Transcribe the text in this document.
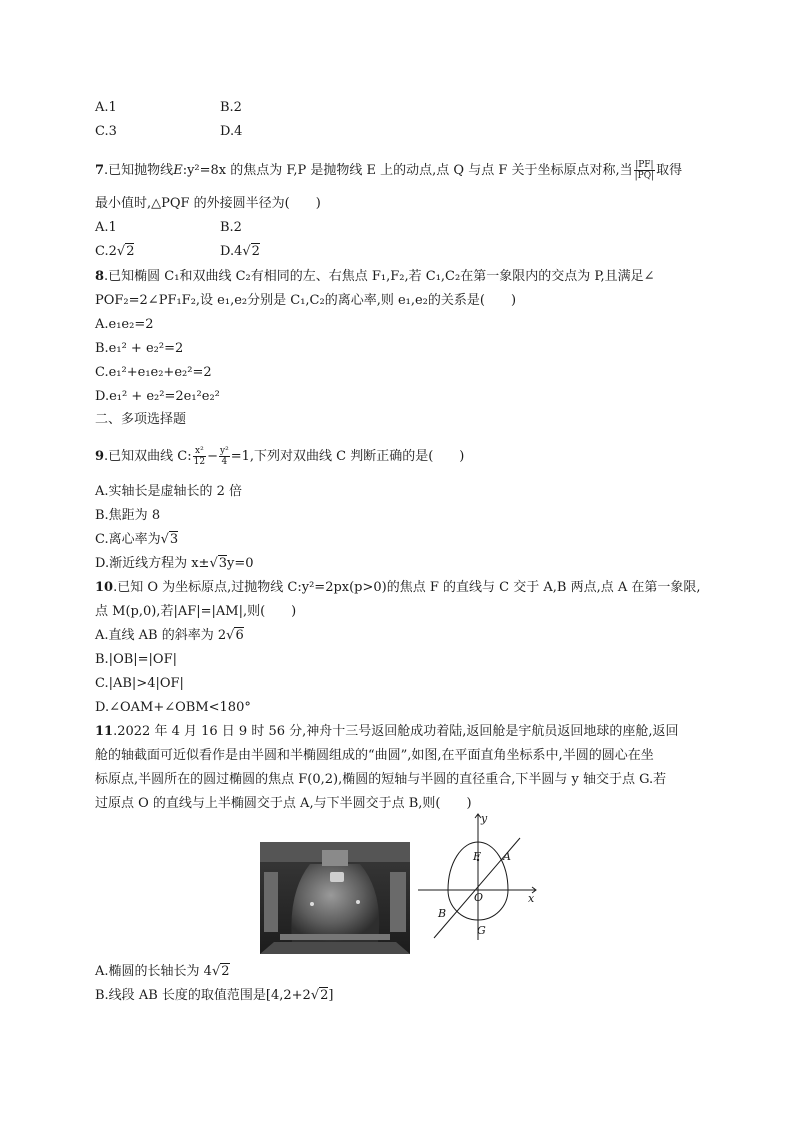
A.1	B.2
C.3	D.4
7.已知抛物线E:y²=8x 的焦点为 F,P 是抛物线 E 上的动点,点 Q 与点 F 关于坐标原点对称,当 $\frac{|PF|}{|PQ|}$ 取得
最小值时,△PQF 的外接圆半径为(　　)
A.1	B.2
C.2√2	D.4√2
8.已知椭圆 C₁和双曲线 C₂有相同的左、右焦点 F₁,F₂,若 C₁,C₂在第一象限内的交点为 P,且满足∠
POF₂=2∠PF₁F₂,设 e₁,e₂分别是 C₁,C₂的离心率,则 e₁,e₂的关系是(　　)
A.e₁e₂=2
B.e₁² + e₂²=2
C.e₁²+e₁e₂+e₂²=2
D.e₁² + e₂²=2e₁²e₂²
二、多项选择题
9.已知双曲线 C: $\frac{\text{x²}}{12} - \frac{\text{y²}}{4} =1$,下列对双曲线 C 判断正确的是(　　)
A.实轴长是虚轴长的 2 倍
B.焦距为 8
C.离心率为√3
D.渐近线方程为 x±√3y=0
10.已知 O 为坐标原点,过抛物线 C:y²=2px(p>0)的焦点 F 的直线与 C 交于 A,B 两点,点 A 在第一象限,
点 M(p,0),若|AF|=|AM|,则(　　)
A.直线 AB 的斜率为 2√6
B.|OB|=|OF|
C.|AB|>4|OF|
D.∠OAM+∠OBM<180°
11.2022 年 4 月 16 日 9 时 56 分,神舟十三号返回舱成功着陆,返回舱是宇航员返回地球的座舱,返回
舱的轴截面可近似看作是由半圆和半椭圆组成的“曲圆”,如图,在平面直角坐标系中,半圆的圆心在坐
标原点,半圆所在的圆过椭圆的焦点 F(0,2),椭圆的短轴与半圆的直径重合,下半圆与 y 轴交于点 G.若
过原点 O 的直线与上半椭圆交于点 A,与下半圆交于点 B,则(　　)
y
x
F A
O
B
G
A.椭圆的长轴长为 4√2
B.线段 AB 长度的取值范围是[4,2+2√2]
